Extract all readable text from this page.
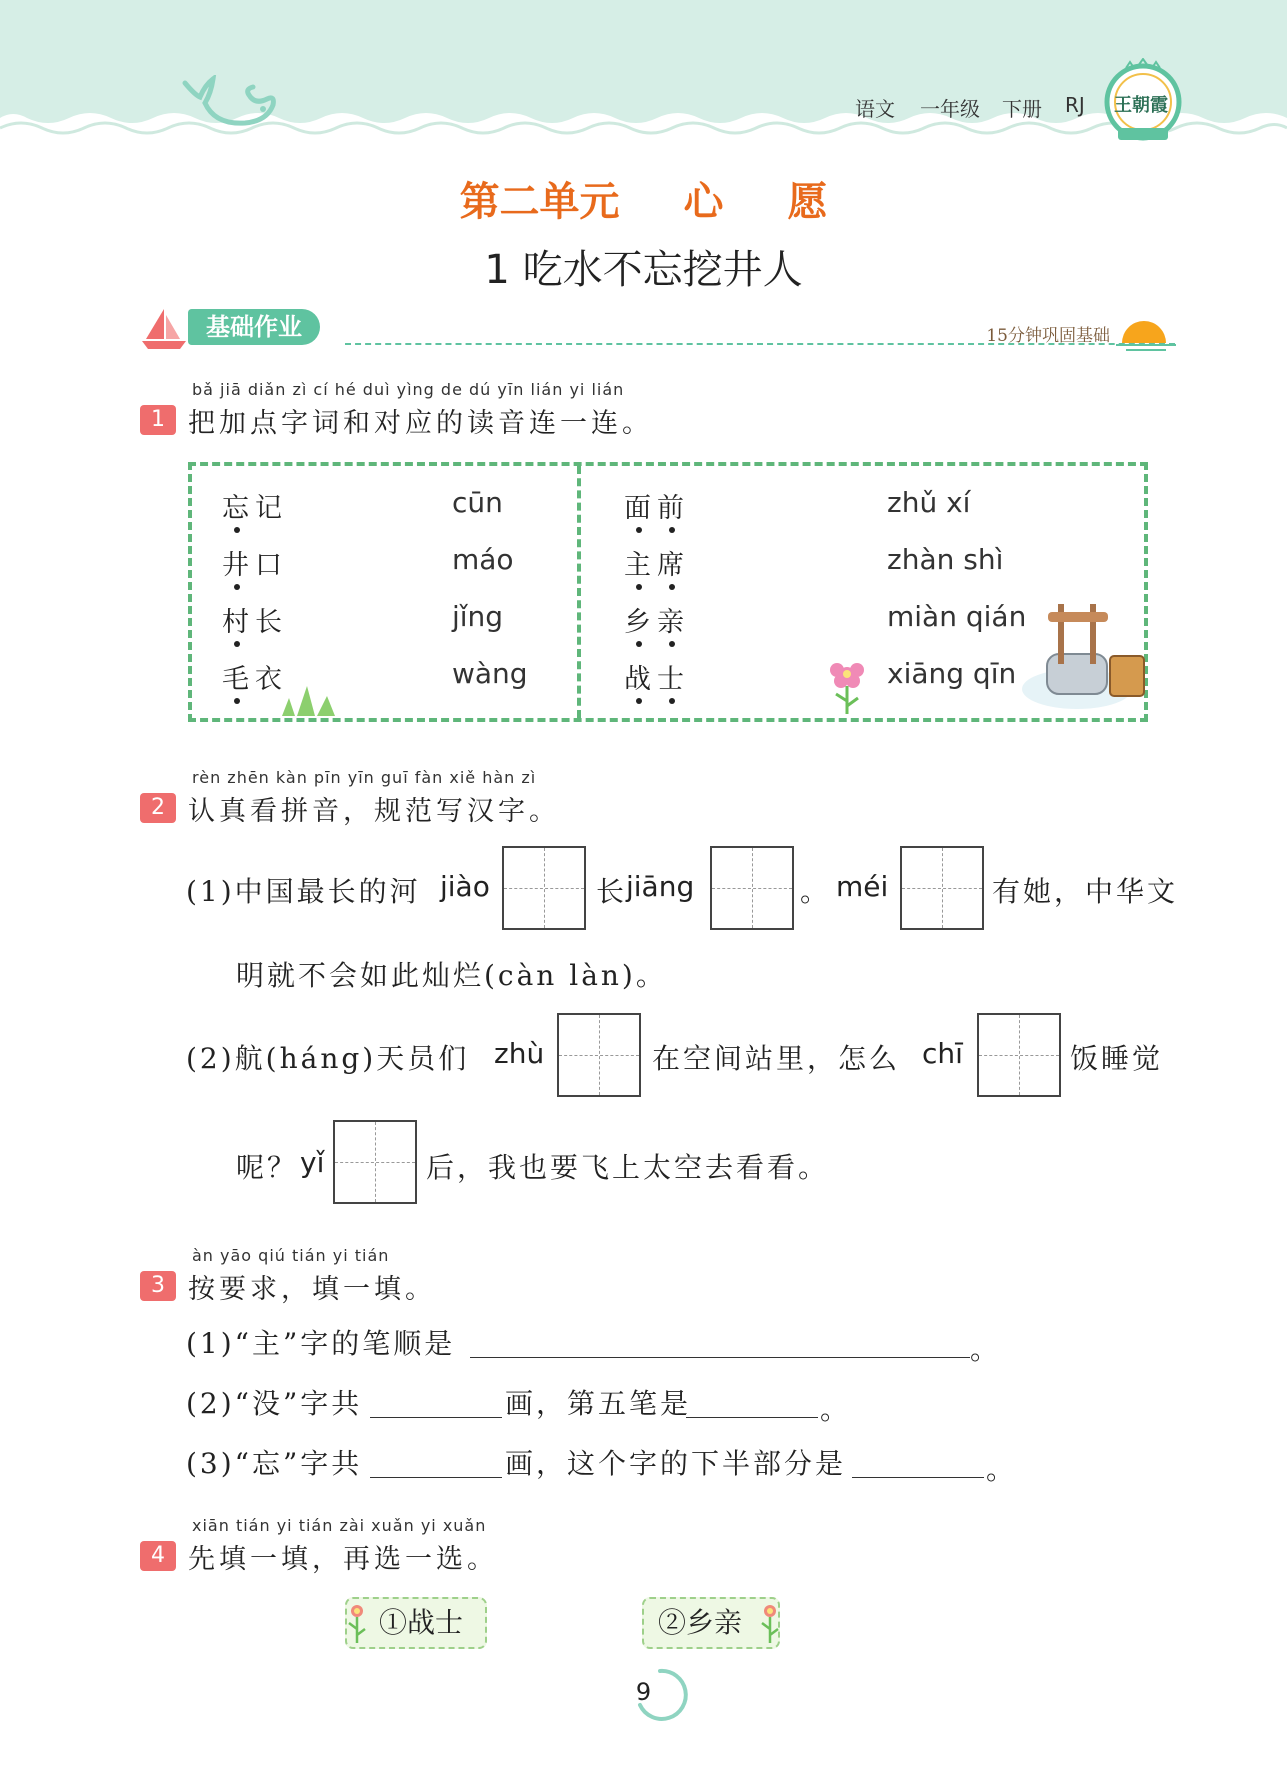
语文 一年级 下册 RJ 王朝霞
第二单元 心 愿
1 吃水不忘挖井人
基础作业	15分钟巩固基础
bǎ jiā diǎn zì cí hé duì yìng de dú yīn lián yi lián
1 把加点字词和对应的读音连一连。
忘记
井口
村长
毛衣
cūn
máo
jǐng
wàng
面前
主席
乡亲
战士
zhǔ xí
zhàn shì
miàn qián
xiāng qīn
rèn zhēn kàn pīn yīn guī fàn xiě hàn zì
2 认真看拼音，规范写汉字。
(1)中国最长的河 jiào	长
jiāng	。 méi	有她，中华文
明就不会如此灿烂(càn làn)。
(2)航(háng)天员们 zhù	在空间站里，怎么 chī	饭睡觉
呢？ yǐ	后，我也要飞上太空去看看。
àn yāo qiú tián yi tián
3 按要求，填一填。
(1)“主”字的笔顺是	。
(2)“没”字共	画，第五笔是	。
(3)“忘”字共	画，这个字的下半部分是	。
xiān tián yi tián zài xuǎn yi xuǎn
4 先填一填，再选一选。
①战士	②乡亲
9
